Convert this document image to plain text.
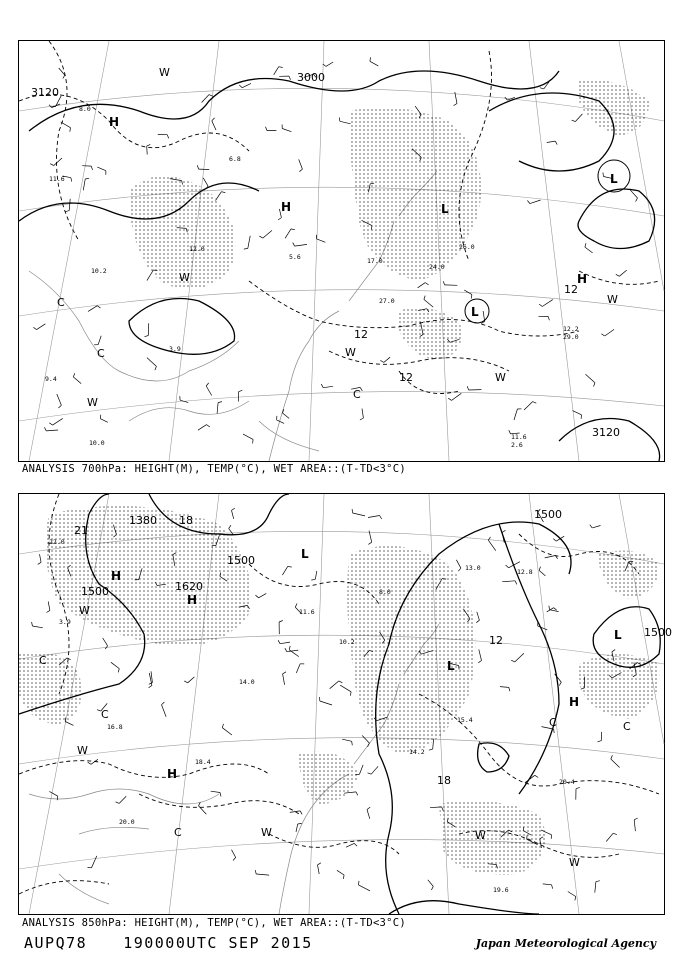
3000
3120
3120
12
12
12
H
H
H
L
L
L
W
W
W
W
W
W
C
C
C
8.0
11.6
6.8
12.0
24.0
26.0
10.2
9.4
27.0
29.0
3.9
17.0
5.6
11.6
2.6
12.2
10.0
ANALYSIS 700hPa: HEIGHT(M), TEMP(°C), WET AREA::(T-TD<3°C)
1500
1500
1500
1380
1620
1500
18
18
12
21
H
H
H
H
L
L
L
W
W	W
W
W
C
C
C
C
C
20.0
16.8
14.2
13.0	12.8
15.4
20.4
19.6
11.6
10.2
3.9
8.0
18.4
22.0
14.0
ANALYSIS 850hPa: HEIGHT(M), TEMP(°C), WET AREA::(T-TD<3°C)
AUPQ78 190000UTC SEP 2015	Japan Meteorological Agency
